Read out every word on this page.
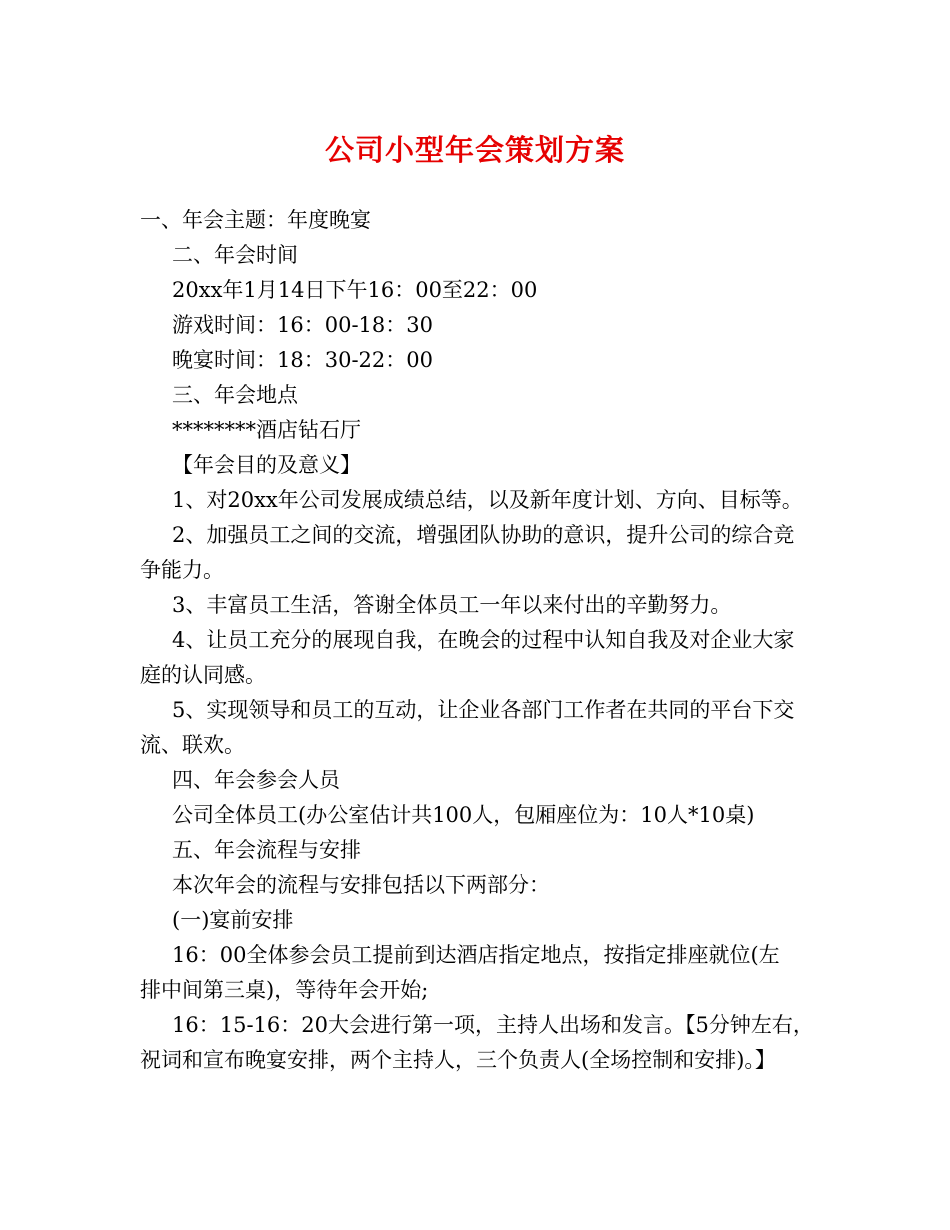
公司小型年会策划方案

一、年会主题：年度晚宴

二、年会时间

20xx年1月14日下午16：00至22：00

游戏时间：16：00-18：30

晚宴时间：18：30-22：00

三、年会地点

********酒店钻石厅

【年会目的及意义】

1、对20xx年公司发展成绩总结，以及新年度计划、方向、目标等。

2、加强员工之间的交流，增强团队协助的意识，提升公司的综合竞

争能力。

3、丰富员工生活，答谢全体员工一年以来付出的辛勤努力。

4、让员工充分的展现自我，在晚会的过程中认知自我及对企业大家

庭的认同感。

5、实现领导和员工的互动，让企业各部门工作者在共同的平台下交

流、联欢。

四、年会参会人员

公司全体员工(办公室估计共100人，包厢座位为：10人*10桌)

五、年会流程与安排

本次年会的流程与安排包括以下两部分：

(一)宴前安排

16：00全体参会员工提前到达酒店指定地点，按指定排座就位(左

排中间第三桌)，等待年会开始;

16：15-16：20大会进行第一项，主持人出场和发言。【5分钟左右，

祝词和宣布晚宴安排，两个主持人，三个负责人(全场控制和安排)。】
